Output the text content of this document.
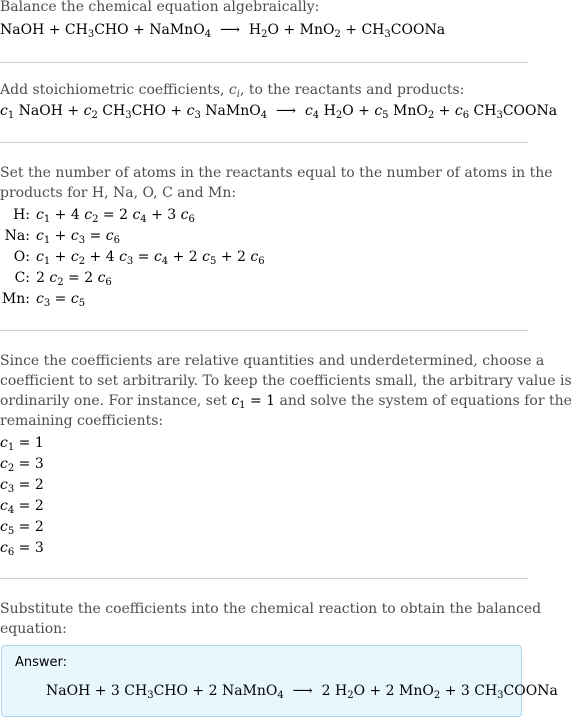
Balance the chemical equation algebraically:
NaOH + $CH_3CHO$ + NaMnO$_4$  ⟶  $H_2O + MnO_2$ + $CH_3COONa$
Add stoichiometric coefficients, $c_i$, to the reactants and products:
$c_1$ NaOH + $c_2$ $CH_3CHO + c_3$ NaMnO$_4$  ⟶  $c_4$ $H_2O + c_5$ $MnO_2 + c_6$ $CH_3COONa$
Set the number of atoms in the reactants equal to the number of atoms in the
products for H, Na, O, C and Mn:
H: $c_1 + 4$ $c_2 = 2$ $c_4 + 3$ $c_6$
Na: $c_1 + c_3 = c_6$
O: $c_1 + c_2 + 4$ $c_3 = c_4 + 2$ $c_5 + 2$ $c_6$
C: 2 $c_2 = 2$ $c_6$
Mn: $c_3 = c_5$
Since the coefficients are relative quantities and underdetermined, choose a
coefficient to set arbitrarily. To keep the coefficients small, the arbitrary value is
ordinarily one. For instance, set $c_1 = 1$ and solve the system of equations for the
remaining coefficients:
$c_1 = 1$
$c_2 = 3$
$c_3 = 2$
$c_4 = 2$
$c_5 = 2$
$c_6 = 3$
Substitute the coefficients into the chemical reaction to obtain the balanced
equation:
Answer:
NaOH + 3 $CH_3CHO + 2$ NaMnO$_4$  ⟶  2 $H_2O + 2$ MnO$_2$ + 3 $CH_3COONa$
